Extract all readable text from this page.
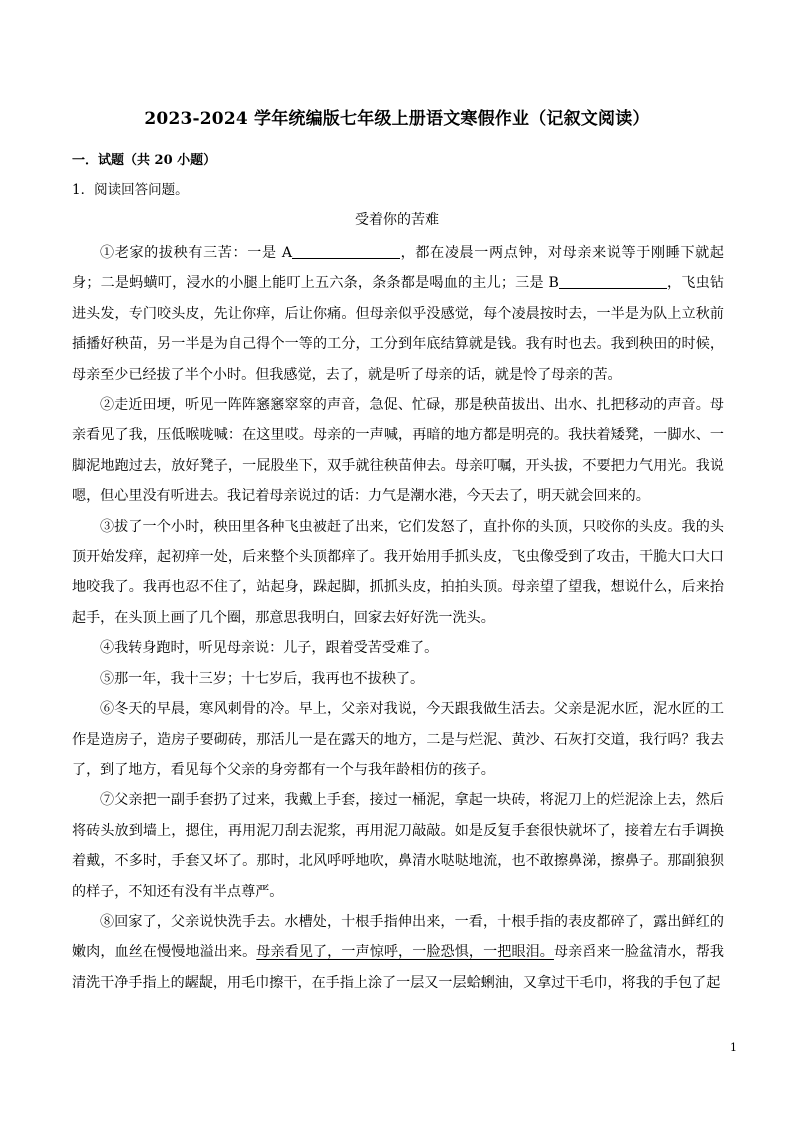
2023-2024 学年统编版七年级上册语文寒假作业（记叙文阅读）
一．试题（共 20 小题）
1．阅读回答问题。
受着你的苦难

①老家的拔秧有三苦：一是 A	，都在凌晨一两点钟，对母亲来说等于刚睡下就起身；二是蚂蟥叮，浸水的小腿上能叮上五六条，条条都是喝血的主儿；三是 B	，飞虫钻进头发，专门咬头皮，先让你痒，后让你痛。但母亲似乎没感觉，每个凌晨按时去，一半是为队上立秋前插播好秧苗，另一半是为自己得个一等的工分，工分到年底结算就是钱。我有时也去。我到秧田的时候，母亲至少已经拔了半个小时。但我感觉，去了，就是听了母亲的话，就是怜了母亲的苦。

②走近田埂，听见一阵阵窸窸窣窣的声音，急促、忙碌，那是秧苗拔出、出水、扎把移动的声音。母亲看见了我，压低喉咙喊：在这里哎。母亲的一声喊，再暗的地方都是明亮的。我扶着矮凳，一脚水、一脚泥地跑过去，放好凳子，一屁股坐下，双手就往秧苗伸去。母亲叮嘱，开头拔，不要把力气用光。我说嗯，但心里没有听进去。我记着母亲说过的话：力气是潮水港，今天去了，明天就会回来的。

③拔了一个小时，秧田里各种飞虫被赶了出来，它们发怒了，直扑你的头顶，只咬你的头皮。我的头顶开始发痒，起初痒一处，后来整个头顶都痒了。我开始用手抓头皮，飞虫像受到了攻击，干脆大口大口地咬我了。我再也忍不住了，站起身，跺起脚，抓抓头皮，拍拍头顶。母亲望了望我，想说什么，后来抬起手，在头顶上画了几个圈，那意思我明白，回家去好好洗一洗头。

④我转身跑时，听见母亲说：儿子，跟着受苦受难了。

⑤那一年，我十三岁；十七岁后，我再也不拔秧了。

⑥冬天的早晨，寒风刺骨的冷。早上，父亲对我说，今天跟我做生活去。父亲是泥水匠，泥水匠的工作是造房子，造房子要砌砖，那活儿一是在露天的地方，二是与烂泥、黄沙、石灰打交道，我行吗？我去了，到了地方，看见每个父亲的身旁都有一个与我年龄相仿的孩子。

⑦父亲把一副手套扔了过来，我戴上手套，接过一桶泥，拿起一块砖，将泥刀上的烂泥涂上去，然后将砖头放到墙上，摁住，再用泥刀刮去泥浆，再用泥刀敲敲。如是反复手套很快就坏了，接着左右手调换着戴，不多时，手套又坏了。那时，北风呼呼地吹，鼻清水哒哒地流，也不敢擦鼻涕，擦鼻子。那副狼狈的样子，不知还有没有半点尊严。

⑧回家了，父亲说快洗手去。水槽处，十根手指伸出来，一看，十根手指的表皮都碎了，露出鲜红的嫩肉，血丝在慢慢地溢出来。母亲看见了，一声惊呼，一脸恐惧，一把眼泪。母亲舀来一脸盆清水，帮我清洗干净手指上的龌龊，用毛巾擦干，在手指上涂了一层又一层蛤蜊油，又拿过干毛巾，将我的手包了起

1
